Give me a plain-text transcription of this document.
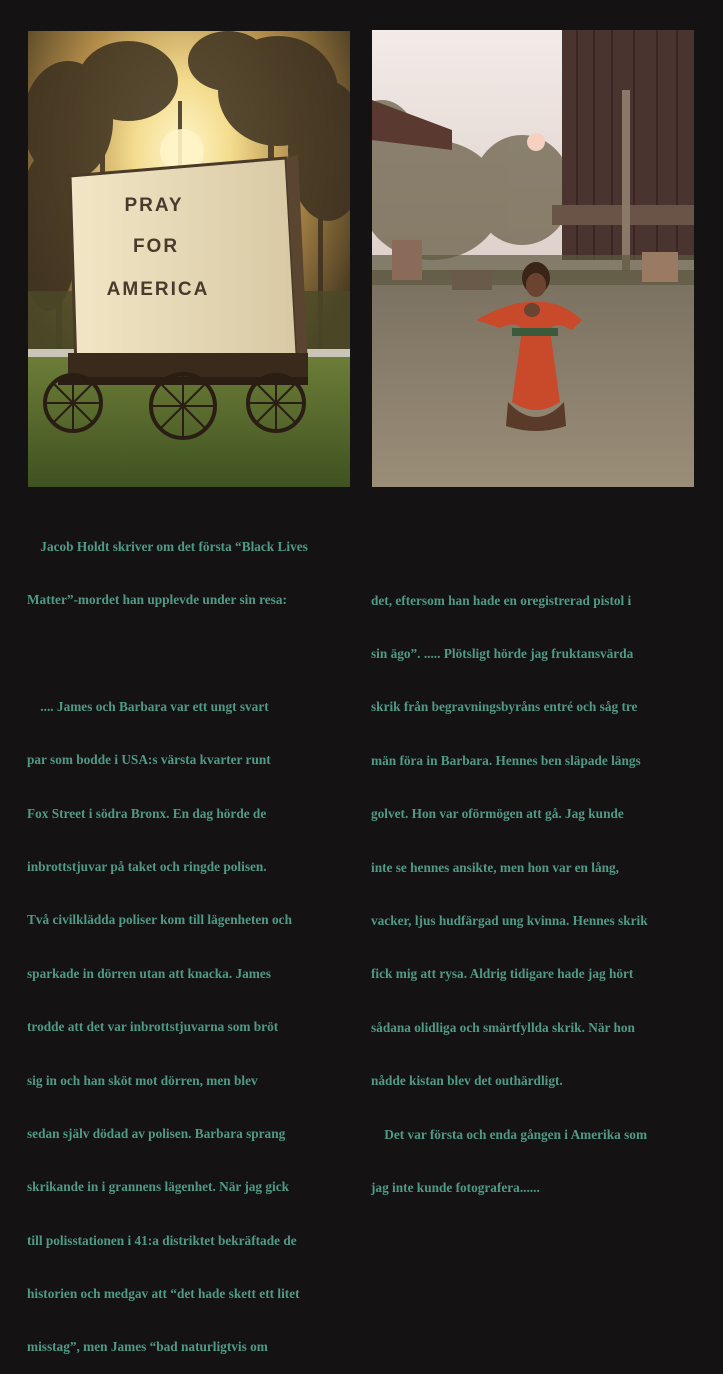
PRAY
FOR
AMERICA

Jacob Holdt skriver om det första “Black Lives

Matter”-mordet han upplevde under sin resa:

.... James och Barbara var ett ungt svart

par som bodde i USA:s värsta kvarter runt

Fox Street i södra Bronx. En dag hörde de

inbrottstjuvar på taket och ringde polisen.

Två civilklädda poliser kom till lägenheten och

sparkade in dörren utan att knacka. James

trodde att det var inbrottstjuvarna som bröt

sig in och han sköt mot dörren, men blev

sedan själv dödad av polisen. Barbara sprang

skrikande in i grannens lägenhet. När jag gick

till polisstationen i 41:a distriktet bekräftade de

historien och medgav att “det hade skett ett litet

misstag”, men James “bad naturligtvis om

det, eftersom han hade en oregistrerad pistol i

sin ägo”. ..... Plötsligt hörde jag fruktansvärda

skrik från begravningsbyråns entré och såg tre

män föra in Barbara. Hennes ben släpade längs

golvet. Hon var oförmögen att gå. Jag kunde

inte se hennes ansikte, men hon var en lång,

vacker, ljus hudfärgad ung kvinna. Hennes skrik

fick mig att rysa. Aldrig tidigare hade jag hört

sådana olidliga och smärtfyllda skrik. När hon

nådde kistan blev det outhärdligt.

Det var första och enda gången i Amerika som

jag inte kunde fotografera......
